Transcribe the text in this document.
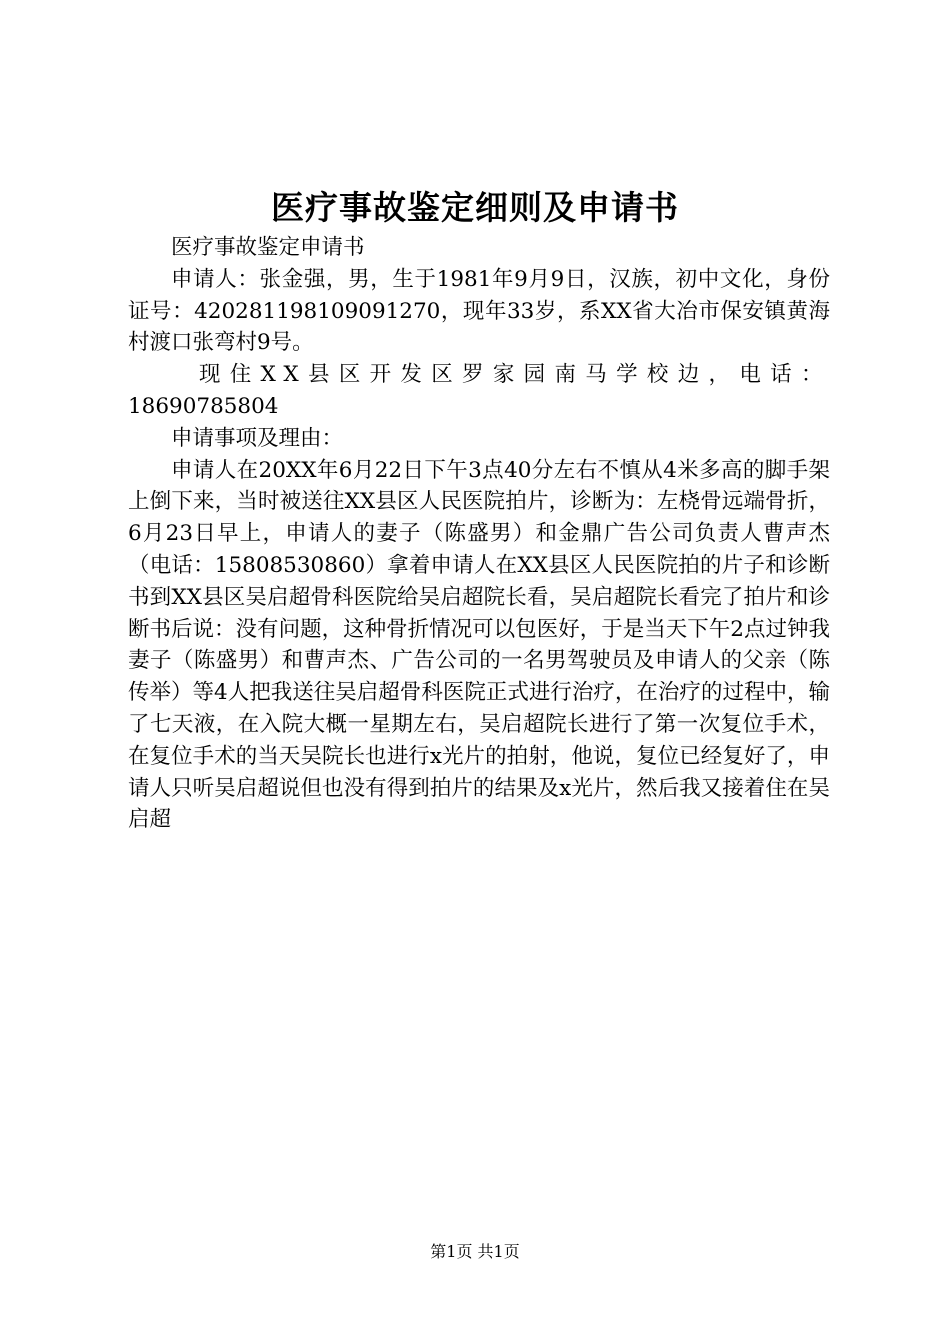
医疗事故鉴定细则及申请书

医疗事故鉴定申请书

申请人：张金强，男，生于1981年9月9日，汉族，初中文化，身份证号：420281198109091270，现年33岁，系XX省大冶市保安镇黄海村渡口张弯村9号。

现住XX县区开发区罗家园南马学校边，电话：

18690785804

申请事项及理由：

申请人在20XX年6月22日下午3点40分左右不慎从4米多高的脚手架上倒下来，当时被送往XX县区人民医院拍片，诊断为：左桡骨远端骨折，6月23日早上，申请人的妻子（陈盛男）和金鼎广告公司负责人曹声杰（电话：15808530860）拿着申请人在XX县区人民医院拍的片子和诊断书到XX县区吴启超骨科医院给吴启超院长看，吴启超院长看完了拍片和诊断书后说：没有问题，这种骨折情况可以包医好，于是当天下午2点过钟我妻子（陈盛男）和曹声杰、广告公司的一名男驾驶员及申请人的父亲（陈传举）等4人把我送往吴启超骨科医院正式进行治疗，在治疗的过程中，输了七天液，在入院大概一星期左右，吴启超院长进行了第一次复位手术，在复位手术的当天吴院长也进行x光片的拍射，他说，复位已经复好了，申请人只听吴启超说但也没有得到拍片的结果及x光片，然后我又接着住在吴启超

第1页 共1页
